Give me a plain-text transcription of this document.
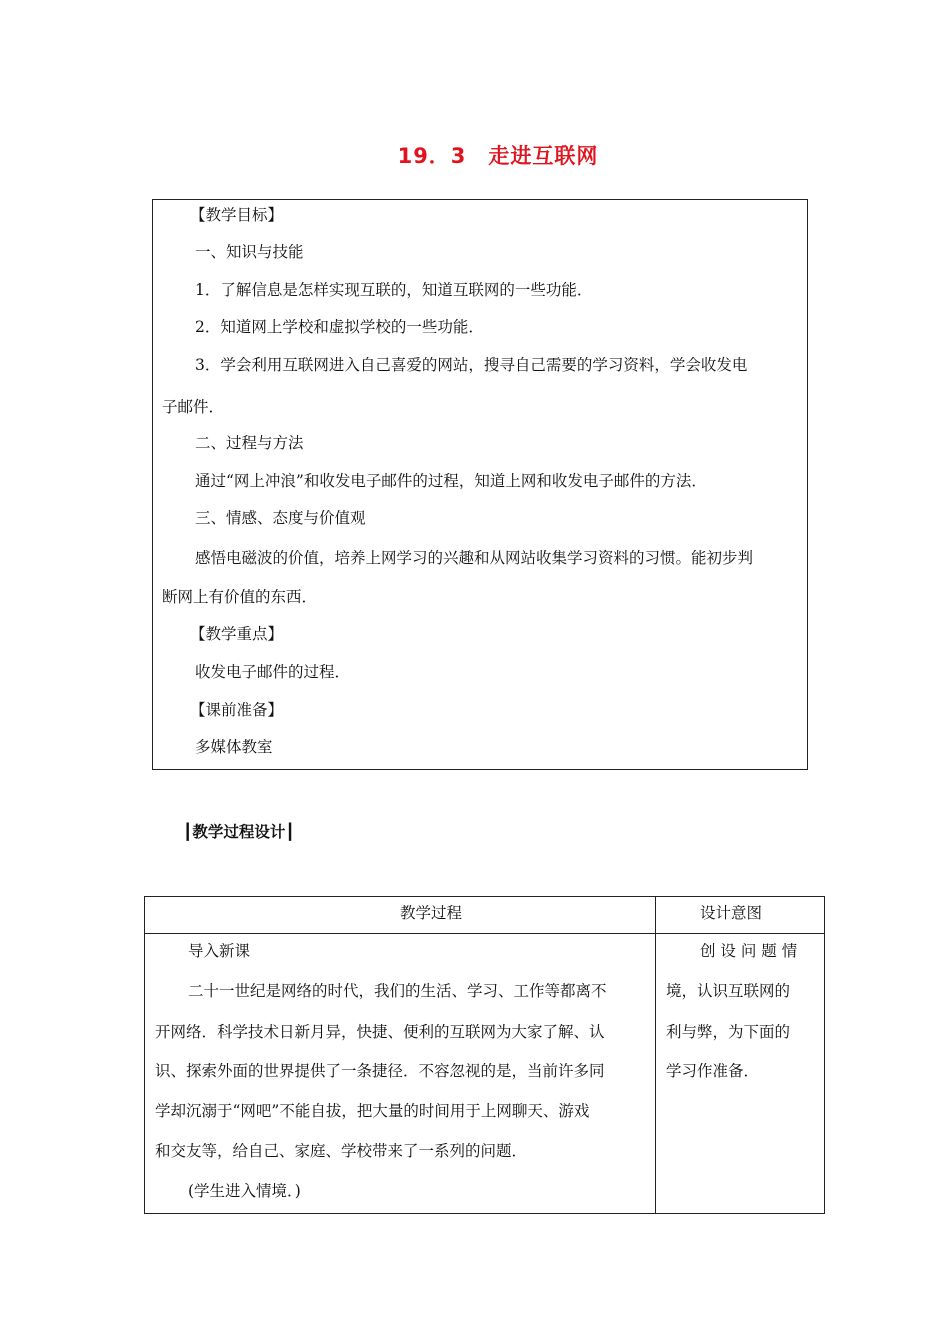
19．3　走进互联网
【教学目标】
一、知识与技能
1．了解信息是怎样实现互联的，知道互联网的一些功能．
2．知道网上学校和虚拟学校的一些功能．
3．学会利用互联网进入自己喜爱的网站，搜寻自己需要的学习资料，学会收发电
子邮件．
二、过程与方法
通过“网上冲浪”和收发电子邮件的过程，知道上网和收发电子邮件的方法．
三、情感、态度与价值观
感悟电磁波的价值，培养上网学习的兴趣和从网站收集学习资料的习惯。能初步判
断网上有价值的东西．
【教学重点】
收发电子邮件的过程．
【课前准备】
多媒体教室
┃教学过程设计┃
教学过程	设计意图
导入新课
二十一世纪是网络的时代，我们的生活、学习、工作等都离不
开网络．科学技术日新月异，快捷、便利的互联网为大家了解、认
识、探索外面的世界提供了一条捷径．不容忽视的是，当前许多同
学却沉溺于“网吧”不能自拔，把大量的时间用于上网聊天、游戏
和交友等，给自己、家庭、学校带来了一系列的问题．
(学生进入情境．)
创 设 问 题 情
境，认识互联网的
利与弊，为下面的
学习作准备．
